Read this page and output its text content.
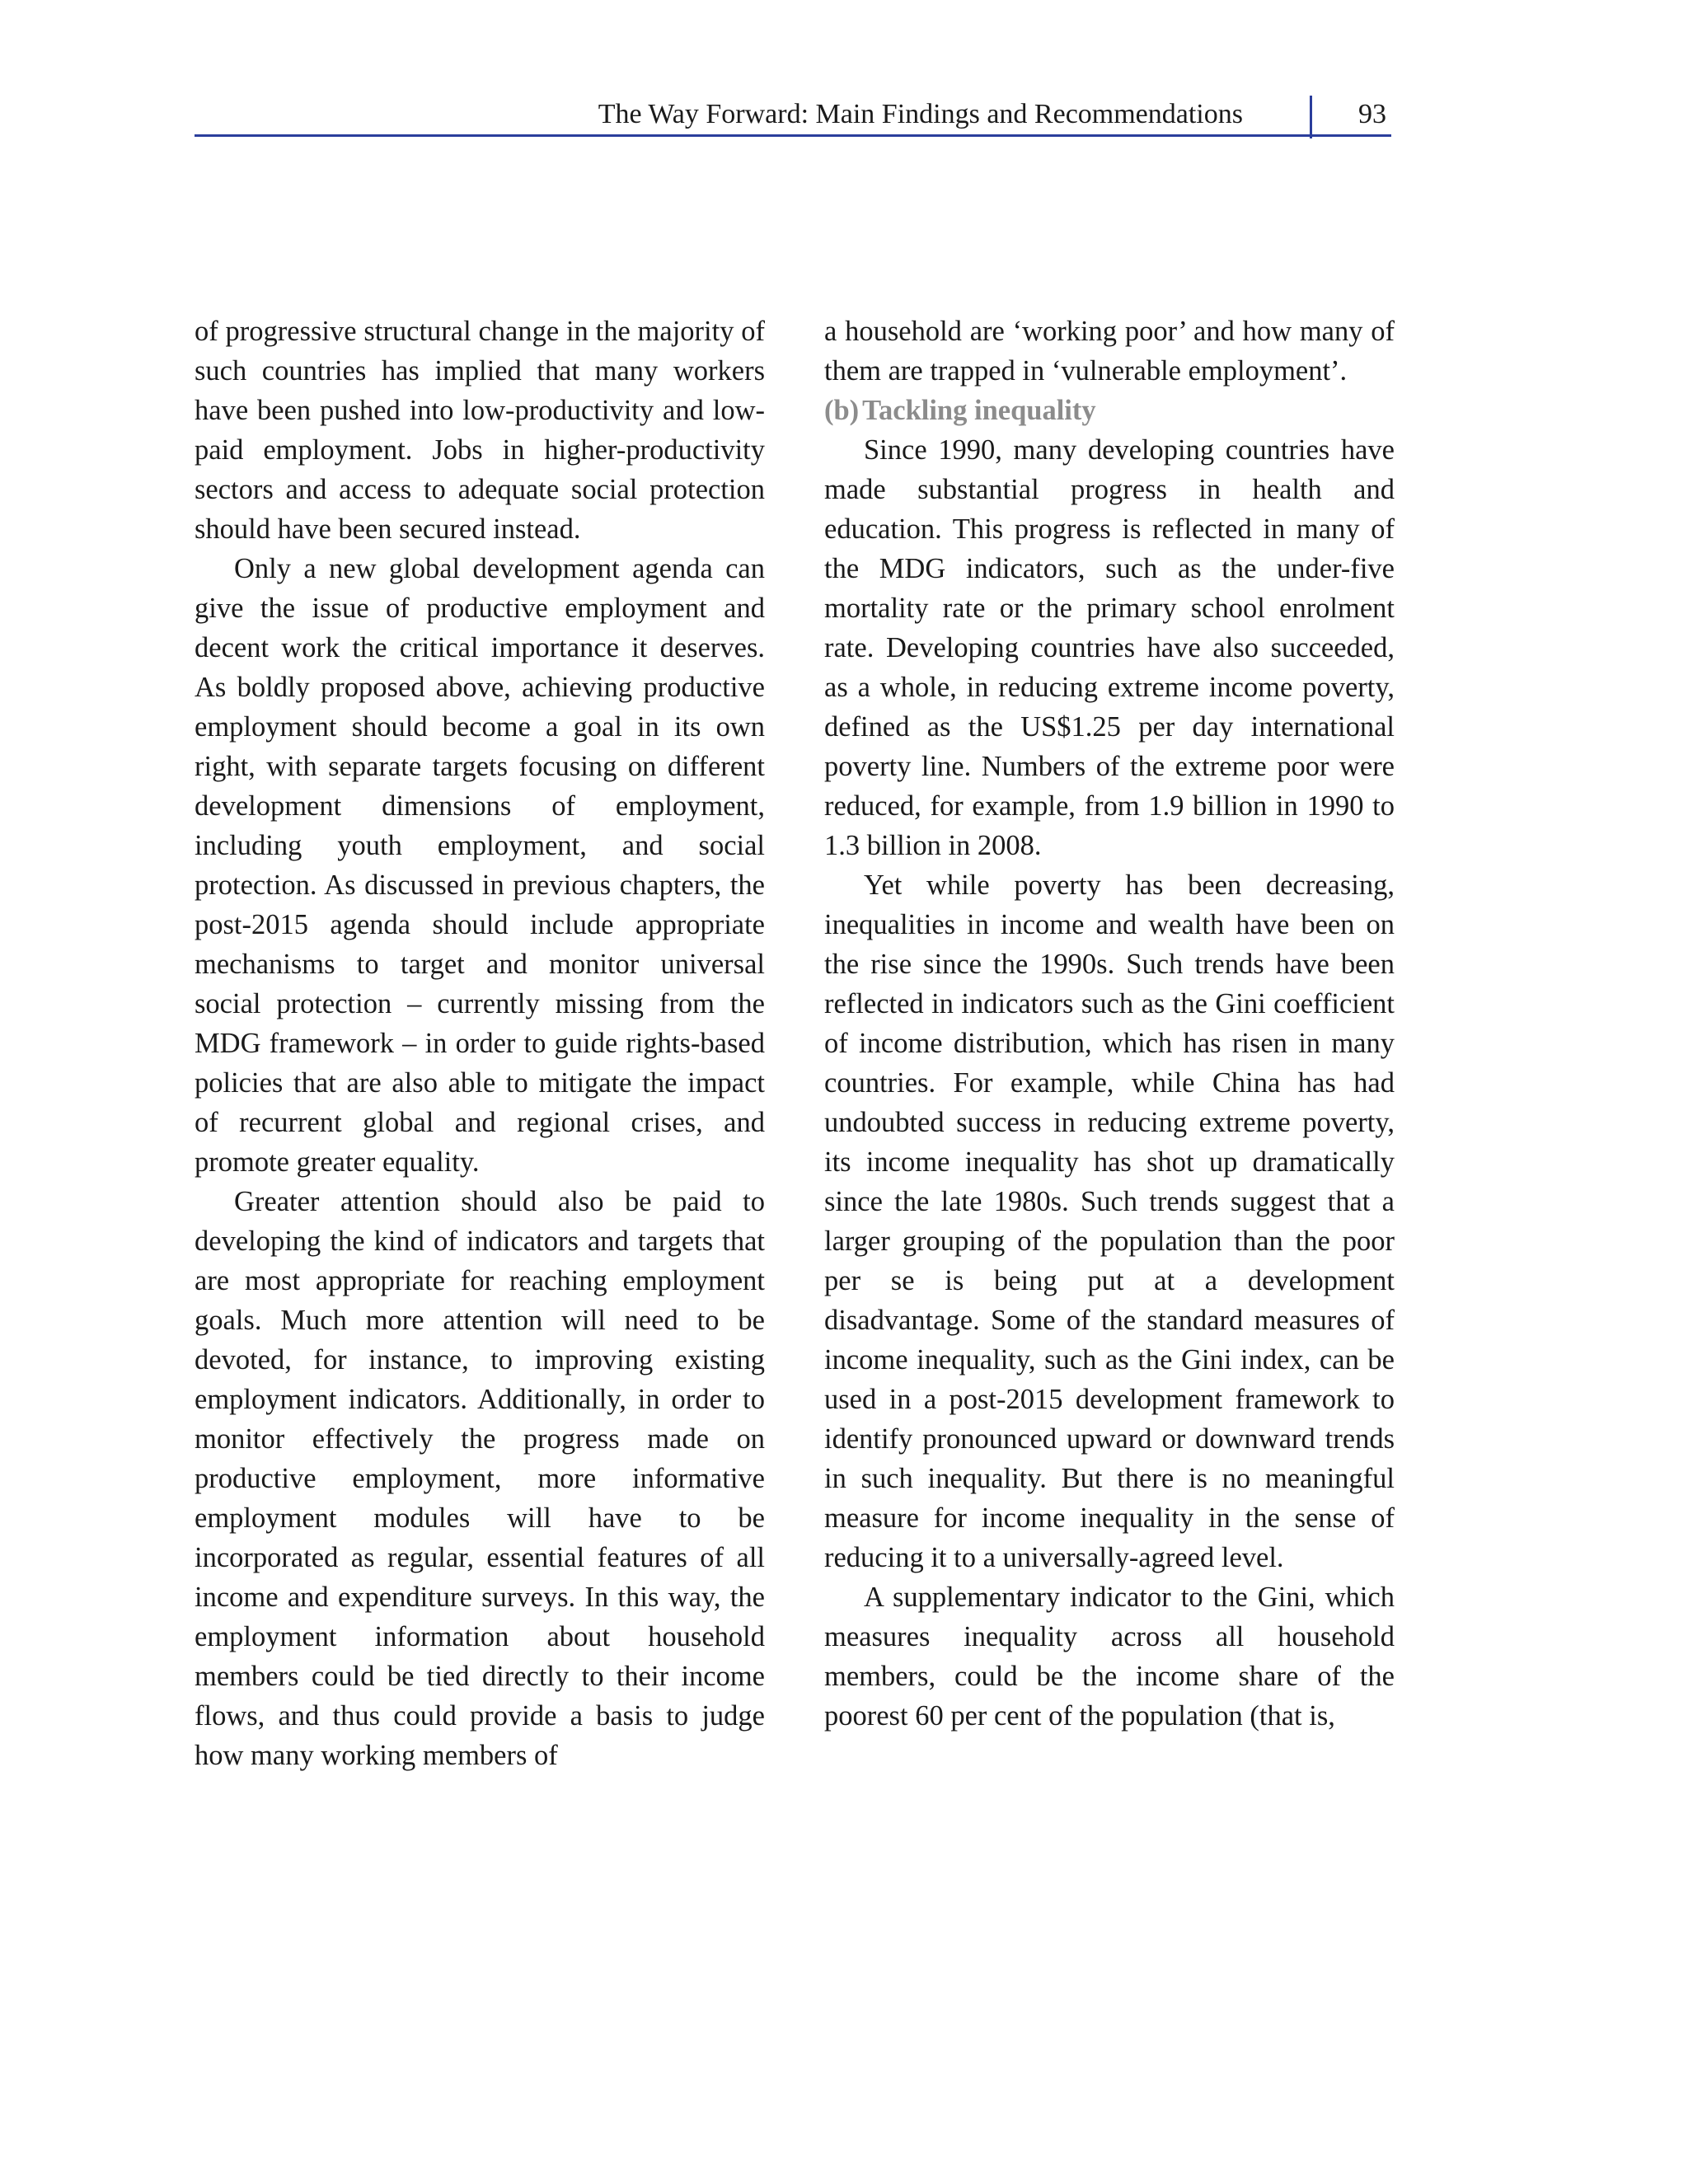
The Way Forward: Main Findings and Recommendations	93

of progressive structural change in the majority of such countries has implied that many workers have been pushed into low-productivity and low-paid employment. Jobs in higher-productivity sectors and access to adequate social protection should have been secured instead.

Only a new global development agenda can give the issue of productive employment and decent work the critical importance it deserves. As boldly proposed above, achieving productive employment should become a goal in its own right, with separate targets focusing on different development dimensions of employment, including youth employment, and social protection. As discussed in previous chapters, the post-2015 agenda should include appropriate mechanisms to target and monitor universal social protection – currently missing from the MDG framework – in order to guide rights-based policies that are also able to mitigate the impact of recurrent global and regional crises, and promote greater equality.

Greater attention should also be paid to developing the kind of indicators and targets that are most appropriate for reaching employment goals. Much more attention will need to be devoted, for instance, to improving existing employment indicators. Additionally, in order to monitor effectively the progress made on productive employment, more informative employment modules will have to be incorporated as regular, essential features of all income and expenditure surveys. In this way, the employment information about household members could be tied directly to their income flows, and thus could provide a basis to judge how many working members of

a household are ‘working poor’ and how many of them are trapped in ‘vulnerable employment’.

(b) Tackling inequality

Since 1990, many developing countries have made substantial progress in health and education. This progress is reflected in many of the MDG indicators, such as the under-five mortality rate or the primary school enrolment rate. Developing countries have also succeeded, as a whole, in reducing extreme income poverty, defined as the US$1.25 per day international poverty line. Numbers of the extreme poor were reduced, for example, from 1.9 billion in 1990 to 1.3 billion in 2008.

Yet while poverty has been decreasing, inequalities in income and wealth have been on the rise since the 1990s. Such trends have been reflected in indicators such as the Gini coefficient of income distribution, which has risen in many countries. For example, while China has had undoubted success in reducing extreme poverty, its income inequality has shot up dramatically since the late 1980s. Such trends suggest that a larger grouping of the population than the poor per se is being put at a development disadvantage. Some of the standard measures of income inequality, such as the Gini index, can be used in a post-2015 development framework to identify pronounced upward or downward trends in such inequality. But there is no meaningful measure for income inequality in the sense of reducing it to a universally-agreed level.

A supplementary indicator to the Gini, which measures inequality across all household members, could be the income share of the poorest 60 per cent of the population (that is,
